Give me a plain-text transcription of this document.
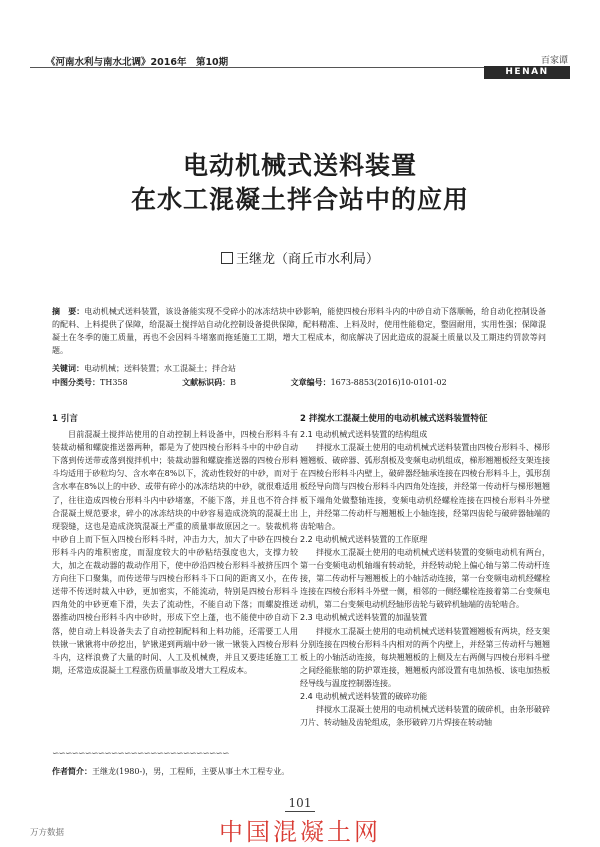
《河南水利与南水北调》2016年　第10期	百家谭
HENAN
电动机械式送料装置
在水工混凝土拌合站中的应用
王继龙（商丘市水利局）
摘　要：电动机械式送料装置，该设备能实现不受碎小的冰冻结块中砂影响，能使四棱台形料斗内的中砂自动下落顺畅，给自动化控制设备的配料、上料提供了保障，给混凝土搅拌站自动化控制设备提供保障，配料精准、上料及时，使用性能稳定，整固耐用，实用性强；保障混凝土在冬季的施工质量，再也不会因料斗堵塞而拖延施工工期，增大工程成本，彻底解决了因此造成的混凝土质量以及工期违约罚款等问题。
关键词：电动机械；送料装置；水工混凝土；拌合站
中图分类号：TH358	文献标识码：B	文章编号：1673-8853(2016)10-0101-02
1 引言

目前混凝土搅拌站使用的自动控制上料设备中，四棱台形料斗有装裁动桶和螺旋推送器两种，都是为了使四棱台形料斗中的中砂自动下落到传送带或落到搅拌机中；装裁动器和螺旋推送器的四棱台形料斗均适用于砂粒均匀、含水率在8%以下，流动性较好的中砂，而对于含水率在8%以上的中砂、或带有碎小的冰冻结块的中砂，就很难适用了，往往造成四棱台形料斗内中砂堵塞，不能下落，并且也不符合拌合混凝土规范要求，碎小的冰冻结块的中砂容易造成浇筑的混凝土出现裂缝，这也是造成浇筑混凝土严重的质量事故原因之一。装裁机将中砂自上而下恒入四棱台形料斗时，冲击力大，加大了中砂在四棱台形料斗内的堆积密度，而湿度较大的中砂粘结强度也大，支撑力较大，加之在裁动器的裁动作用下，使中砂沿四棱台形料斗被挤压四个方向往下口聚集，而传送带与四棱台形料斗下口间的距离又小，在传送带不传送时裁入中砂，更加密实，不能流动，特别是四棱台形料斗四角处的中砂更难下滑，失去了流动性，不能自动下落；而螺旋推送器推动四棱台形料斗内中砂时，形成下空上蓬，也不能使中砂自动下落，使自动上料设备失去了自动控制配料和上料功能，还需要工人用铁锹一锹锹将中砂挖出，铲锹递到两端中砂一锹一锹装入四棱台形料斗内，这样浪费了大量的时间、人工及机械费，并且又要违延施工工期，还常造成混凝土工程涨伤质量事故及增大工程成本。

2 拌搅水工混凝土使用的电动机械式送料装置特征

2.1 电动机械式送料装置的结构组成

拌搅水工混凝土使用的电动机械式送料装置由四棱台形料斗、梯形翘翘板、破碎器、弧形刮板及变频电动机组成，梯形翘翘板经支架连接在四棱台形料斗内壁上，破碎器经轴承连接在四棱台形料斗上，弧形刮板经导向筒与四棱台形料斗内四角处连接，并经第一传动杆与梯形翘翘板下端角处做整轴连接，变频电动机经螺栓连接在四棱台形料斗外壁上，并经第二传动杆与翘翘板上小轴连接，经第四齿轮与破碎器轴端的齿轮啮合。

2.2 电动机械式送料装置的工作原理

拌搅水工混凝土使用的电动机械式送料装置的变频电动机有两台，第一台变频电动机轴端有转动轮，并经转动轮上偏心轴与第二传动杆连接，第二传动杆与翘翘板上的小轴活动连接，第一台变频电动机经螺栓连接在四棱台形料斗外壁一侧，相邻的一侧经螺栓连接着第二台变频电动机，第二台变频电动机经轴形齿轮与破碎机轴端的齿轮啮合。

2.3 电动机械式送料装置的加温装置

拌搅水工混凝土使用的电动机械式送料装置翘翘板有两块，经支架分别连接在四棱台形料斗内相对的两个内壁上，并经第三传动杆与翘翘板上的小轴活动连接，每块翘翘板的上侧及左右两侧与四棱台形料斗壁之间经能胀缩的防护罩连接，翘翘板内部设置有电加热板、该电加热板经导线与温度控制器连接。

2.4 电动机械式送料装置的破碎功能

拌搅水工混凝土使用的电动机械式送料装置的破碎机，由条形破碎刀片、转动轴及齿轮组成，条形破碎刀片焊接在转动轴

∽∽∽∽∽∽∽∽∽∽∽∽∽∽∽∽∽∽∽∽∽∽∽∽∽∽∽
作者简介：王继龙(1980-)，男，工程师，主要从事土木工程专业。
101
中国混凝土网
万方数据
